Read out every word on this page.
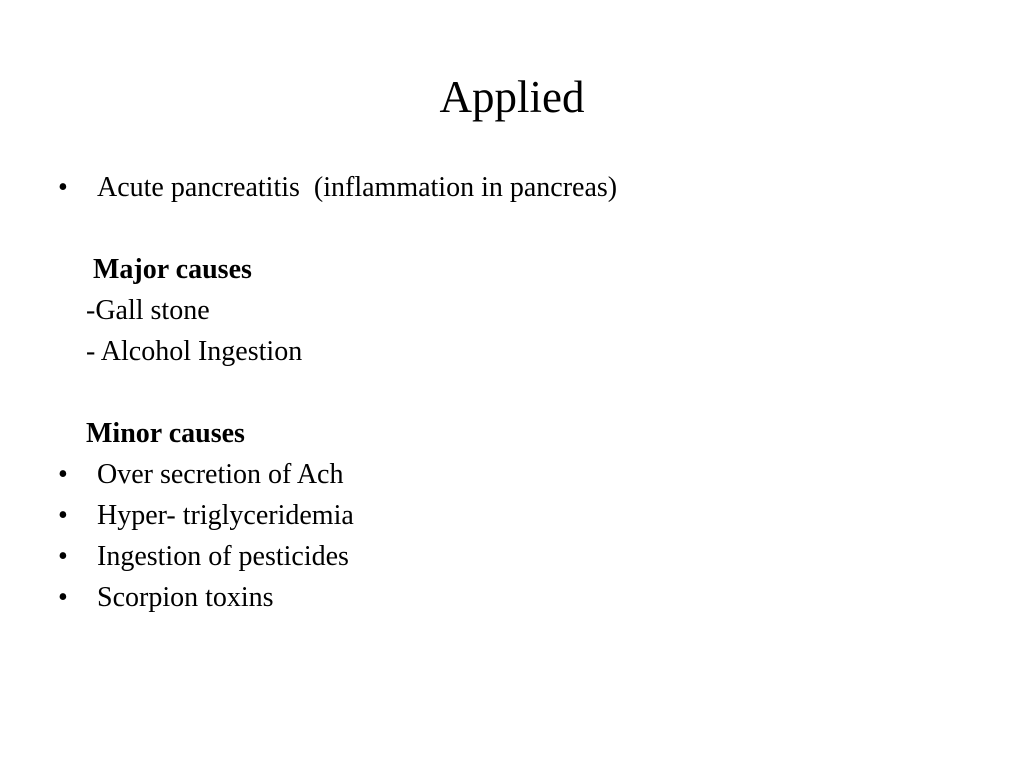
Applied
• Acute pancreatitis  (inflammation in pancreas)

Major causes

-Gall stone

- Alcohol Ingestion

Minor causes

• Over secretion of Ach

• Hyper- triglyceridemia

• Ingestion of pesticides

• Scorpion toxins
